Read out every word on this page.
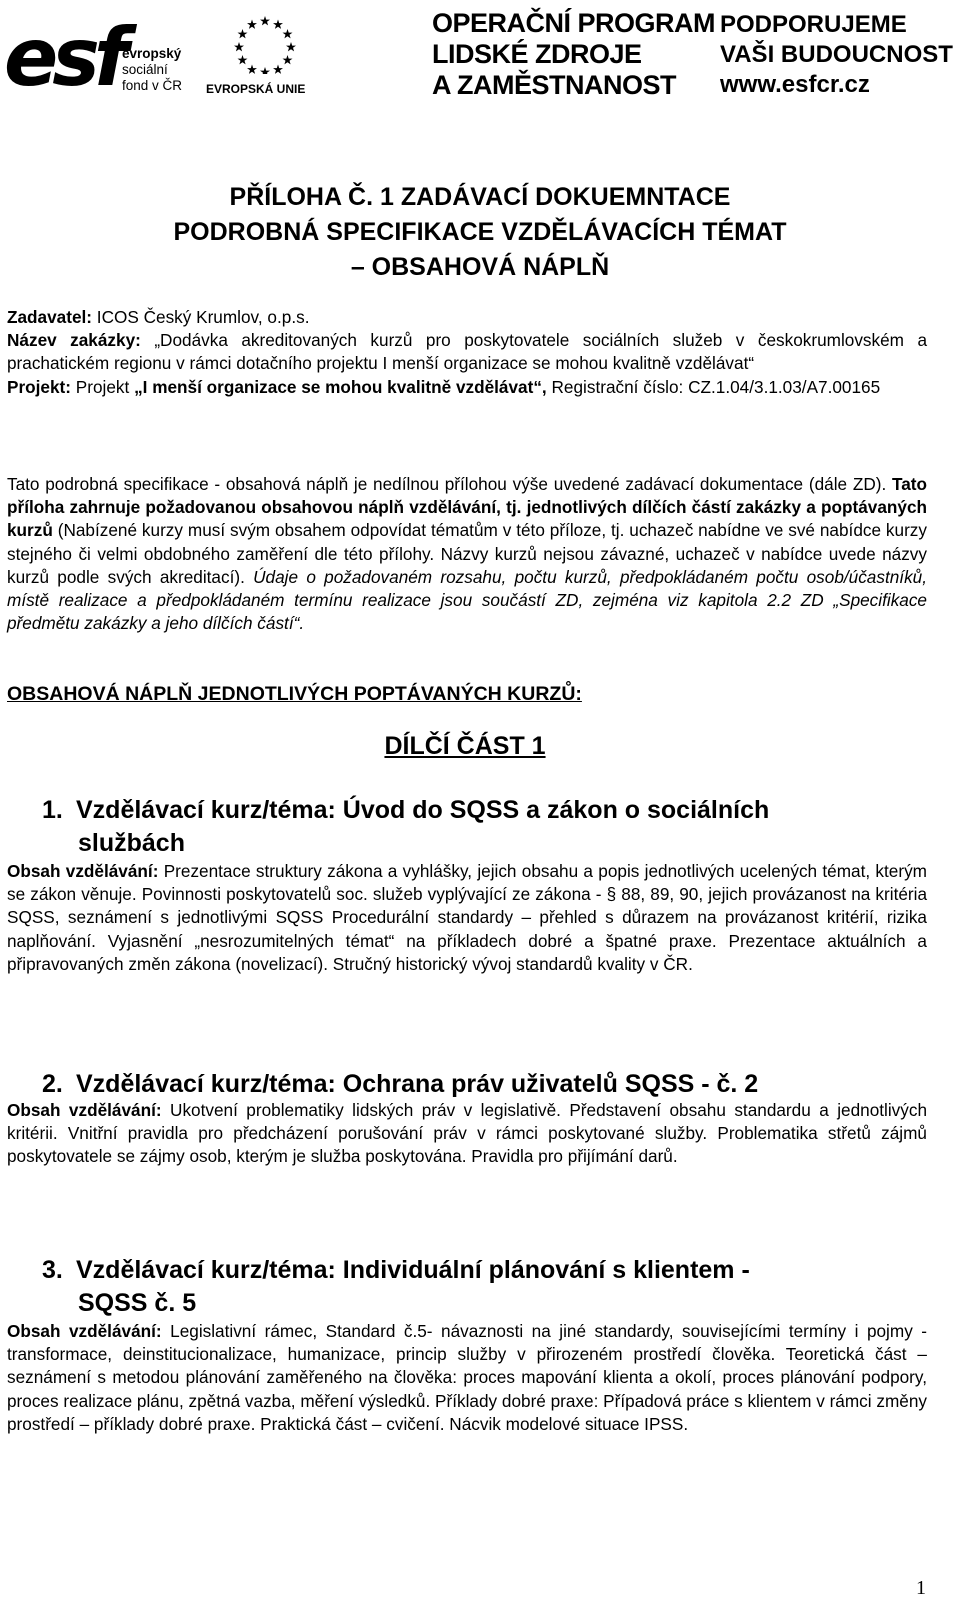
esf evropský
sociální
fond v ČR EVROPSKÁ UNIE
OPERAČNÍ PROGRAM
LIDSKÉ ZDROJE
A ZAMĚSTNANOST
PODPORUJEME
VAŠI BUDOUCNOST
www.esfcr.cz
PŘÍLOHA Č. 1 ZADÁVACÍ DOKUEMNTACE
PODROBNÁ SPECIFIKACE VZDĚLÁVACÍCH TÉMAT
– OBSAHOVÁ NÁPLŇ
Zadavatel: ICOS Český Krumlov, o.p.s.
Název zakázky: „Dodávka akreditovaných kurzů pro poskytovatele sociálních služeb v českokrumlovském a prachatickém regionu v rámci dotačního projektu I menší organizace se mohou kvalitně vzdělávat“
Projekt: Projekt „I menší organizace se mohou kvalitně vzdělávat“, Registrační číslo: CZ.1.04/3.1.03/A7.00165
Tato podrobná specifikace - obsahová náplň je nedílnou přílohou výše uvedené zadávací dokumentace (dále ZD). Tato příloha zahrnuje požadovanou obsahovou náplň vzdělávání, tj. jednotlivých dílčích částí zakázky a poptávaných kurzů (Nabízené kurzy musí svým obsahem odpovídat tématům v této příloze, tj. uchazeč nabídne ve své nabídce kurzy stejného či velmi obdobného zaměření dle této přílohy. Názvy kurzů nejsou závazné, uchazeč v nabídce uvede názvy kurzů podle svých akreditací). Údaje o požadovaném rozsahu, počtu kurzů, předpokládaném počtu osob/účastníků, místě realizace a předpokládaném termínu realizace jsou součástí ZD, zejména viz kapitola 2.2 ZD „Specifikace předmětu zakázky a jeho dílčích částí“.
OBSAHOVÁ NÁPLŇ JEDNOTLIVÝCH POPTÁVANÝCH KURZŮ:
DÍLČÍ ČÁST 1
1. Vzdělávací kurz/téma: Úvod do SQSS a zákon o sociálních
službách
Obsah vzdělávání: Prezentace struktury zákona a vyhlášky, jejich obsahu a popis jednotlivých ucelených témat, kterým se zákon věnuje. Povinnosti poskytovatelů soc. služeb vyplývající ze zákona - § 88, 89, 90, jejich provázanost na kritéria SQSS, seznámení s jednotlivými SQSS Procedurální standardy – přehled s důrazem na provázanost kritérií, rizika naplňování. Vyjasnění „nesrozumitelných témat“ na příkladech dobré a špatné praxe. Prezentace aktuálních a připravovaných změn zákona (novelizací). Stručný historický vývoj standardů kvality v ČR.
2. Vzdělávací kurz/téma: Ochrana práv uživatelů SQSS - č. 2
Obsah vzdělávání: Ukotvení problematiky lidských práv v legislativě. Představení obsahu standardu a jednotlivých kritérii. Vnitřní pravidla pro předcházení porušování práv v rámci poskytované služby. Problematika střetů zájmů poskytovatele se zájmy osob, kterým je služba poskytována. Pravidla pro přijímání darů.
3. Vzdělávací kurz/téma: Individuální plánování s klientem -
SQSS č. 5
Obsah vzdělávání: Legislativní rámec, Standard č.5- návaznosti na jiné standardy, souvisejícími termíny i pojmy -transformace, deinstitucionalizace, humanizace, princip služby v přirozeném prostředí člověka. Teoretická část – seznámení s metodou plánování zaměřeného na člověka: proces mapování klienta a okolí, proces plánování podpory, proces realizace plánu, zpětná vazba, měření výsledků. Příklady dobré praxe: Případová práce s klientem v rámci změny prostředí – příklady dobré praxe. Praktická část – cvičení. Nácvik modelové situace IPSS.
1
